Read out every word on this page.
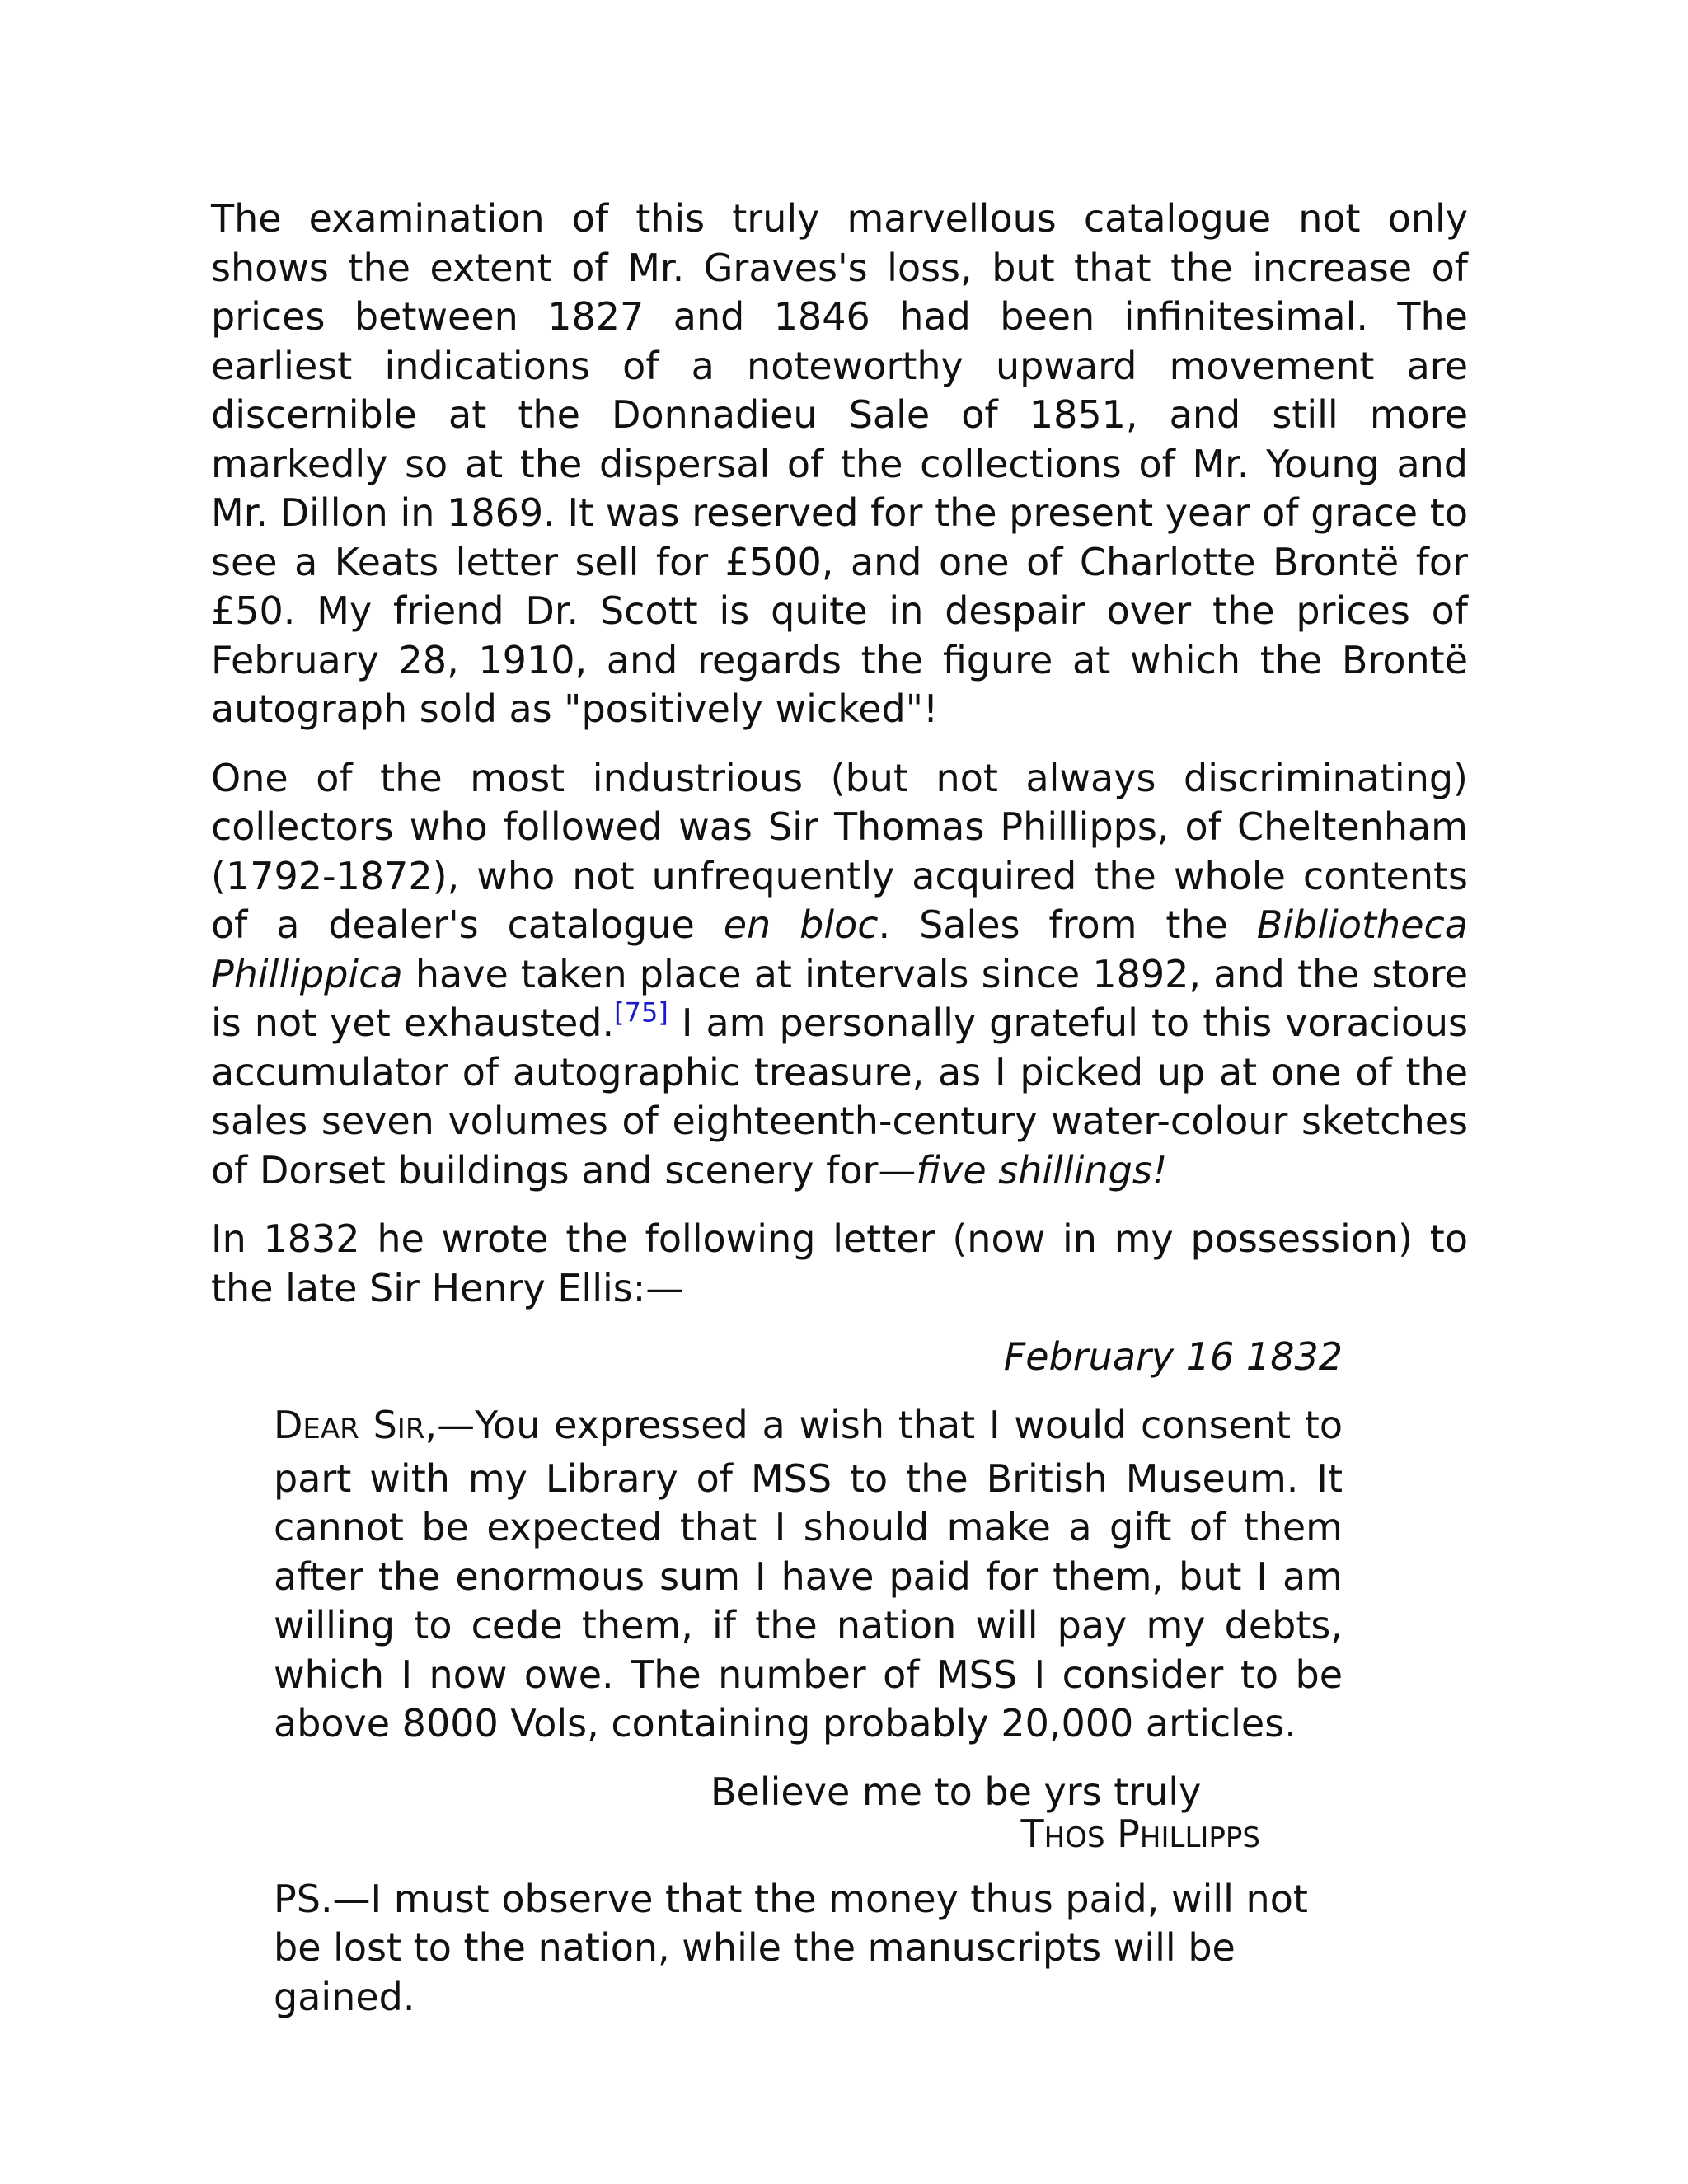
The examination of this truly marvellous catalogue not only shows the extent of Mr. Graves's loss, but that the increase of prices between 1827 and 1846 had been infinitesimal. The earliest indications of a noteworthy upward movement are discernible at the Donnadieu Sale of 1851, and still more markedly so at the dispersal of the collections of Mr. Young and Mr. Dillon in 1869. It was reserved for the present year of grace to see a Keats letter sell for £500, and one of Charlotte Brontë for £50. My friend Dr. Scott is quite in despair over the prices of February 28, 1910, and regards the figure at which the Brontë autograph sold as "positively wicked"!

One of the most industrious (but not always discriminating) collectors who followed was Sir Thomas Phillipps, of Cheltenham (1792-1872), who not unfrequently acquired the whole contents of a dealer's catalogue en bloc. Sales from the Bibliotheca Phillippica have taken place at intervals since 1892, and the store is not yet exhausted.[75] I am personally grateful to this voracious accumulator of autographic treasure, as I picked up at one of the sales seven volumes of eighteenth-century water-colour sketches of Dorset buildings and scenery for—five shillings!

In 1832 he wrote the following letter (now in my possession) to the late Sir Henry Ellis:—

February 16 1832

DEAR SIR,—You expressed a wish that I would consent to part with my Library of MSS to the British Museum. It cannot be expected that I should make a gift of them after the enormous sum I have paid for them, but I am willing to cede them, if the nation will pay my debts, which I now owe. The number of MSS I consider to be above 8000 Vols, containing probably 20,000 articles.

Believe me to be yrs truly

THOS PHILLIPPS

PS.—I must observe that the money thus paid, will not be lost to the nation, while the manuscripts will be gained.
